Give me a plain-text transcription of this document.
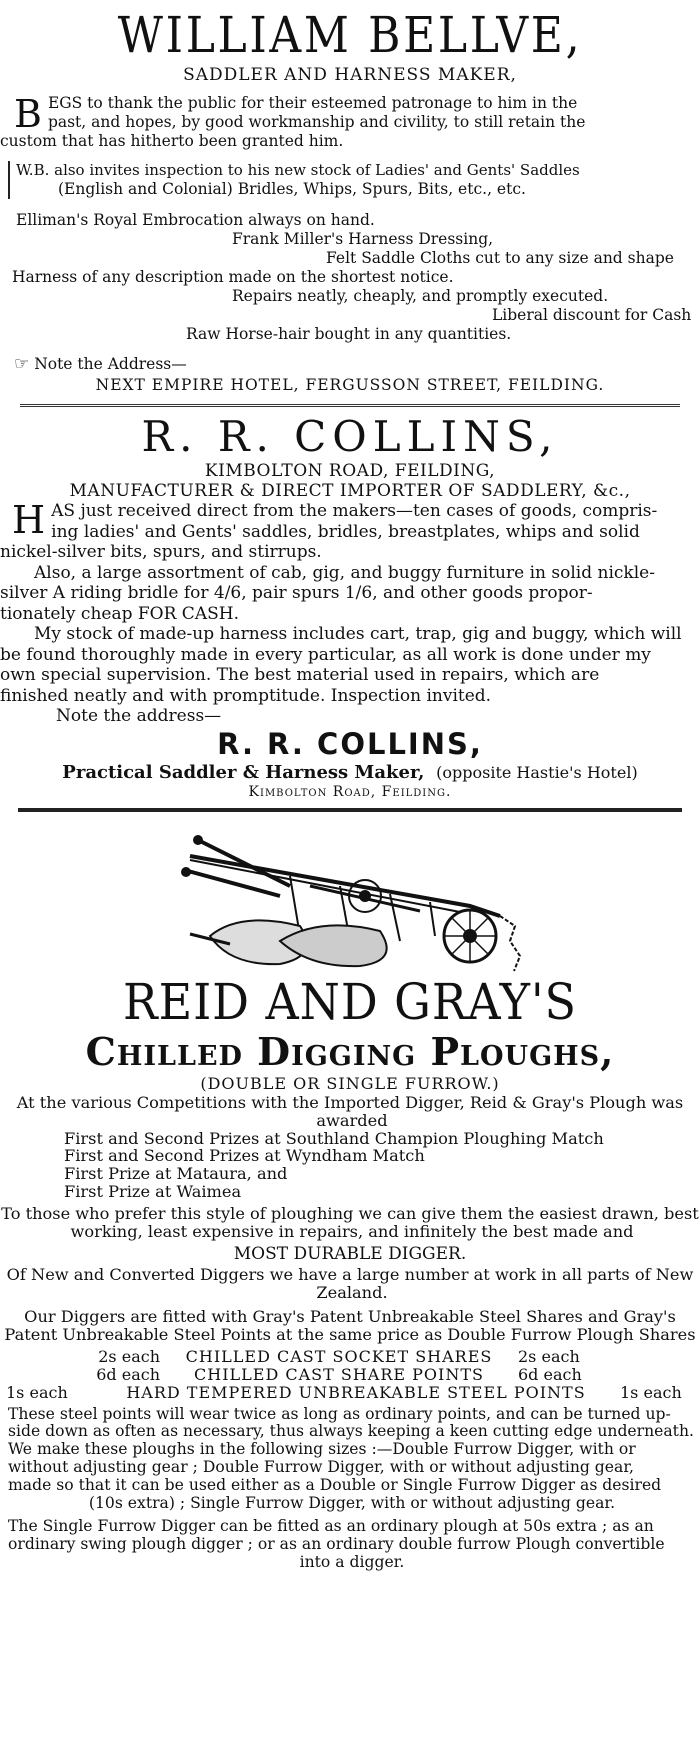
WILLIAM BELLVE,
SADDLER AND HARNESS MAKER,

B EGS to thank the public for their esteemed patronage to him in the
past, and hopes, by good workmanship and civility, to still retain the
custom that has hitherto been granted him.

W.B. also invites inspection to his new stock of Ladies' and Gents' Saddles
(English and Colonial) Bridles, Whips, Spurs, Bits, etc., etc.
Elliman's Royal Embrocation always on hand.
Frank Miller's Harness Dressing,
Felt Saddle Cloths cut to any size and shape
Harness of any description made on the shortest notice.
Repairs neatly, cheaply, and promptly executed.
Liberal discount for Cash
Raw Horse-hair bought in any quantities.
☞ Note the Address—
NEXT EMPIRE HOTEL, FERGUSSON STREET, FEILDING.
R. R. COLLINS,
KIMBOLTON ROAD, FEILDING,
MANUFACTURER & DIRECT IMPORTER OF SADDLERY, &c.,

H AS just received direct from the makers—ten cases of goods, compris-
ing ladies' and Gents' saddles, bridles, breastplates, whips and solid
nickel-silver bits, spurs, and stirrups.

Also, a large assortment of cab, gig, and buggy furniture in solid nickle-
silver A riding bridle for 4/6, pair spurs 1/6, and other goods propor-
tionately cheap FOR CASH.

My stock of made-up harness includes cart, trap, gig and buggy, which will
be found thoroughly made in every particular, as all work is done under my
own special supervision. The best material used in repairs, which are
finished neatly and with promptitude. Inspection invited.

Note the address—
R. R. COLLINS,
Practical Saddler & Harness Maker, (opposite Hastie's Hotel)
Kimbolton Road, Feilding.
REID AND GRAY'S
Chilled Digging Ploughs,
(DOUBLE OR SINGLE FURROW.)
At the various Competitions with the Imported Digger, Reid & Gray's Plough was
awarded
First and Second Prizes at Southland Champion Ploughing Match
First and Second Prizes at Wyndham Match
First Prize at Mataura, and
First Prize at Waimea
To those who prefer this style of ploughing we can give them the easiest drawn, best
working, least expensive in repairs, and infinitely the best made and
MOST DURABLE DIGGER.
Of New and Converted Diggers we have a large number at work in all parts of New
Zealand.
Our Diggers are fitted with Gray's Patent Unbreakable Steel Shares and Gray's
Patent Unbreakable Steel Points at the same price as Double Furrow Plough Shares
2s each	CHILLED CAST SOCKET SHARES	2s each
6d each	CHILLED CAST SHARE POINTS	6d each
1s each	HARD TEMPERED UNBREAKABLE STEEL POINTS	1s each
These steel points will wear twice as long as ordinary points, and can be turned up-
side down as often as necessary, thus always keeping a keen cutting edge underneath.
We make these ploughs in the following sizes :—Double Furrow Digger, with or
without adjusting gear ; Double Furrow Digger, with or without adjusting gear,
made so that it can be used either as a Double or Single Furrow Digger as desired
(10s extra) ; Single Furrow Digger, with or without adjusting gear.
The Single Furrow Digger can be fitted as an ordinary plough at 50s extra ; as an
ordinary swing plough digger ; or as an ordinary double furrow Plough convertible
into a digger.
